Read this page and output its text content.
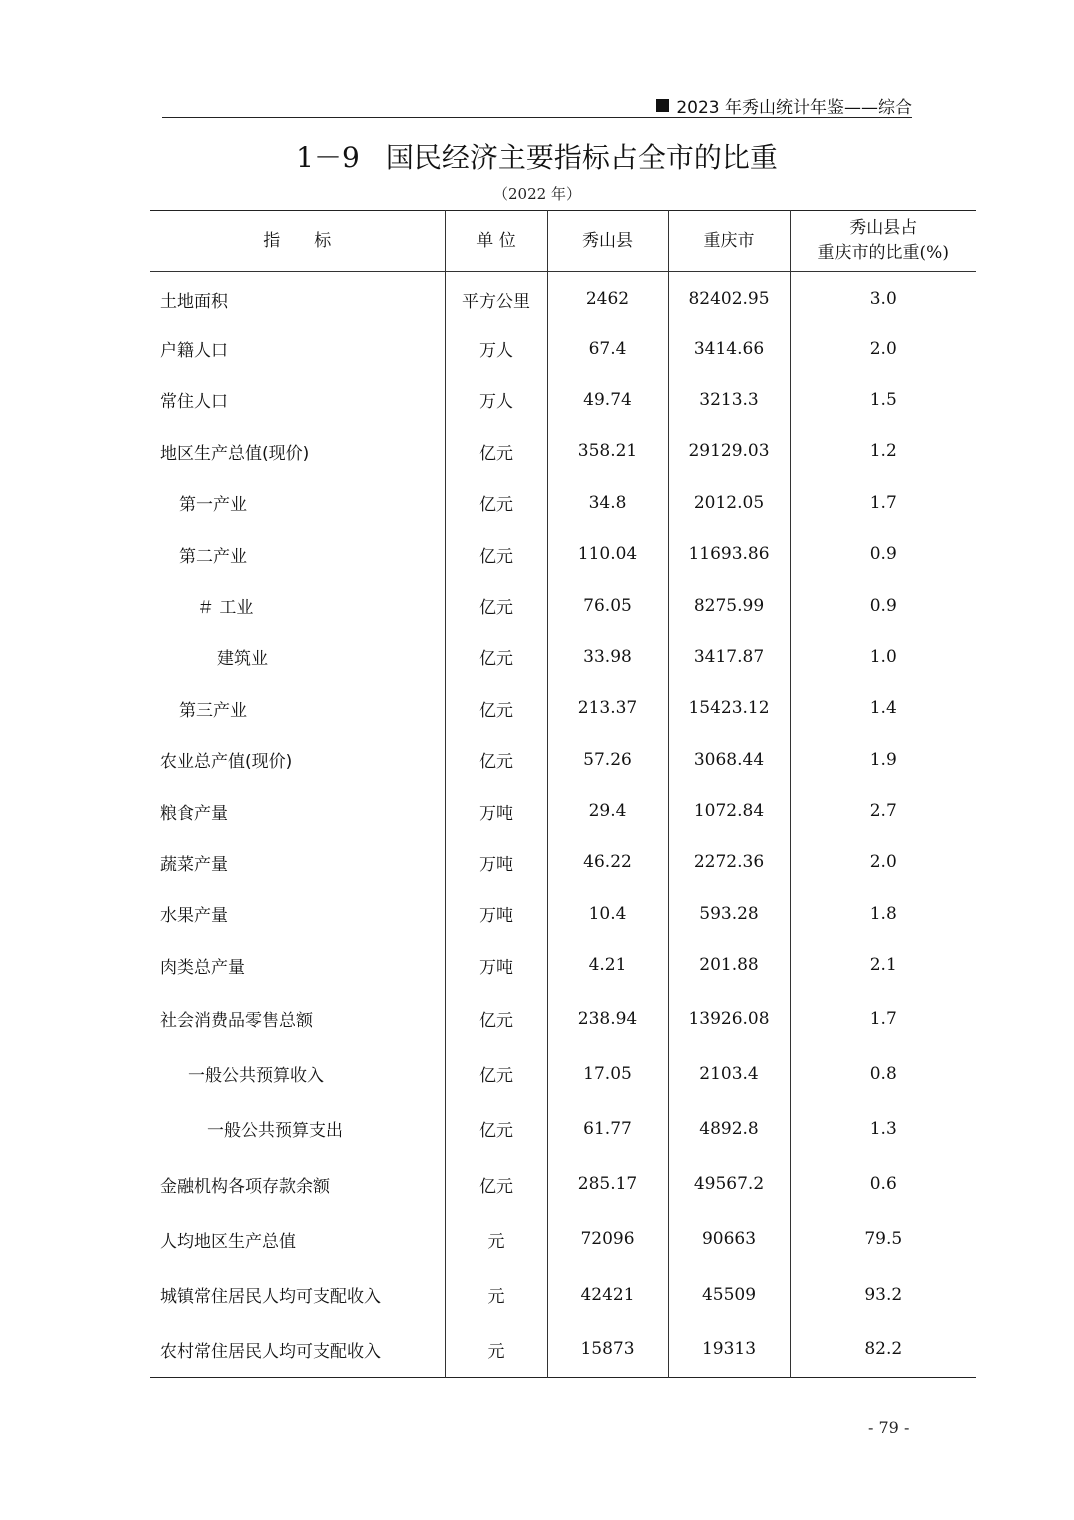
2023 年秀山统计年鉴——综合
1－9 国民经济主要指标占全市的比重
（2022 年）
指　　标	单 位	秀山县	重庆市	秀山县占
重庆市的比重(%)

土地面积	平方公里	2462	82402.95	3.0
户籍人口	万人	67.4	3414.66	2.0
常住人口	万人	49.74	3213.3	1.5
地区生产总值(现价)	亿元	358.21	29129.03	1.2
第一产业	亿元	34.8	2012.05	1.7
第二产业	亿元	110.04	11693.86	0.9
＃ 工业	亿元	76.05	8275.99	0.9
建筑业	亿元	33.98	3417.87	1.0
第三产业	亿元	213.37	15423.12	1.4
农业总产值(现价)	亿元	57.26	3068.44	1.9
粮食产量	万吨	29.4	1072.84	2.7
蔬菜产量	万吨	46.22	2272.36	2.0
水果产量	万吨	10.4	593.28	1.8
肉类总产量	万吨	4.21	201.88	2.1
社会消费品零售总额	亿元	238.94	13926.08	1.7
一般公共预算收入	亿元	17.05	2103.4	0.8
一般公共预算支出	亿元	61.77	4892.8	1.3
金融机构各项存款余额	亿元	285.17	49567.2	0.6
人均地区生产总值	元	72096	90663	79.5
城镇常住居民人均可支配收入	元	42421	45509	93.2
农村常住居民人均可支配收入	元	15873	19313	82.2
- 79 -
